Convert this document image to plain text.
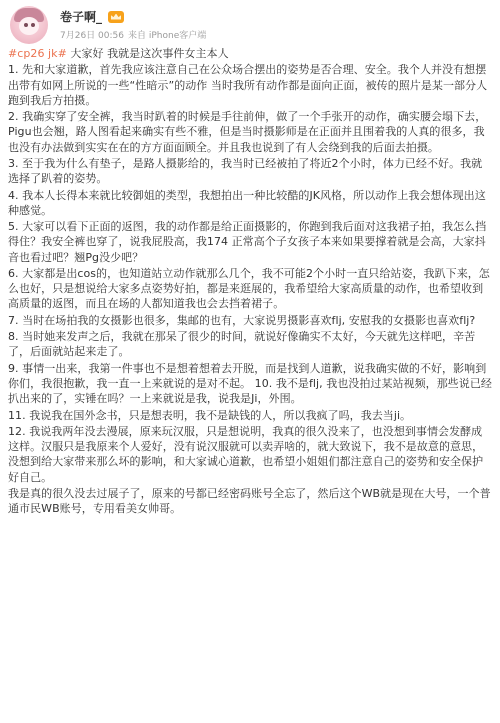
卷子啊_
7月26日 00:56 来自 iPhone客户端

#cp26 jk# 大家好 我就是这次事件女主本人

1. 先和大家道歉，首先我应该注意自己在公众场合摆出的姿势是否合理、安全。我个人并没有想摆出带有如网上所说的一些“性暗示”的动作 当时我所有动作都是面向正面，被传的照片是某一部分人跑到我后方拍摄。

2. 我确实穿了安全裤，我当时趴着的时候是手往前伸，做了一个手张开的动作，确实腰会塌下去，Pigu也会翘，路人图看起来确实有些不雅，但是当时摄影师是在正面并且围着我的人真的很多，我也没有办法做到实实在在的方方面面顾全。并且我也说到了有人会绕到我的后面去拍摄。

3. 至于我为什么有垫子，是路人摄影给的，我当时已经被拍了将近2个小时，体力已经不好。我就选择了趴着的姿势。

4. 我本人长得本来就比较御姐的类型，我想拍出一种比较酷的JK风格，所以动作上我会想体现出这种感觉。

5. 大家可以看下正面的返图，我的动作都是给正面摄影的，你跑到我后面对这我裙子拍，我怎么挡得住？我安全裤也穿了，说我屁股高，我174 正常高个子女孩子本来如果要撑着就是会高，大家抖音也看过吧？翘Pg没少吧？

6. 大家都是出cos的，也知道站立动作就那么几个，我不可能2个小时一直只给站姿，我趴下来，怎么也好，只是想说给大家多点姿势好拍，都是来逛展的，我希望给大家高质量的动作，也希望收到高质量的返图，而且在场的人都知道我也会去挡着裙子。

7. 当时在场拍我的女摄影也很多，集邮的也有，大家说男摄影喜欢flj, 安慰我的女摄影也喜欢flj?

8. 当时她来发声之后，我就在那呆了很少的时间，就说好像确实不太好，今天就先这样吧，辛苦了，后面就站起来走了。

9. 事情一出来，我第一件事也不是想着想着去开脱，而是找到人道歉，说我确实做的不好，影响到你们，我很抱歉，我一直一上来就说的是对不起。 10. 我不是flj, 我也没拍过某站视频，那些说已经扒出来的了，实锤在吗？一上来就说是我，说我是Ji，外围。

11. 我说我在国外念书，只是想表明，我不是缺钱的人，所以我疯了吗，我去当ji。

12. 我说我两年没去漫展，原来玩汉服，只是想说明，我真的很久没来了，也没想到事情会发酵成这样。汉服只是我原来个人爱好，没有说汉服就可以卖弄啥的，就大致说下，我不是故意的意思，没想到给大家带来那么坏的影响，和大家诚心道歉，也希望小姐姐们都注意自己的姿势和安全保护好自己。

我是真的很久没去过展子了，原来的号都已经密码账号全忘了，然后这个WB就是现在大号，一个普通市民WB账号，专用看美女帅哥。
